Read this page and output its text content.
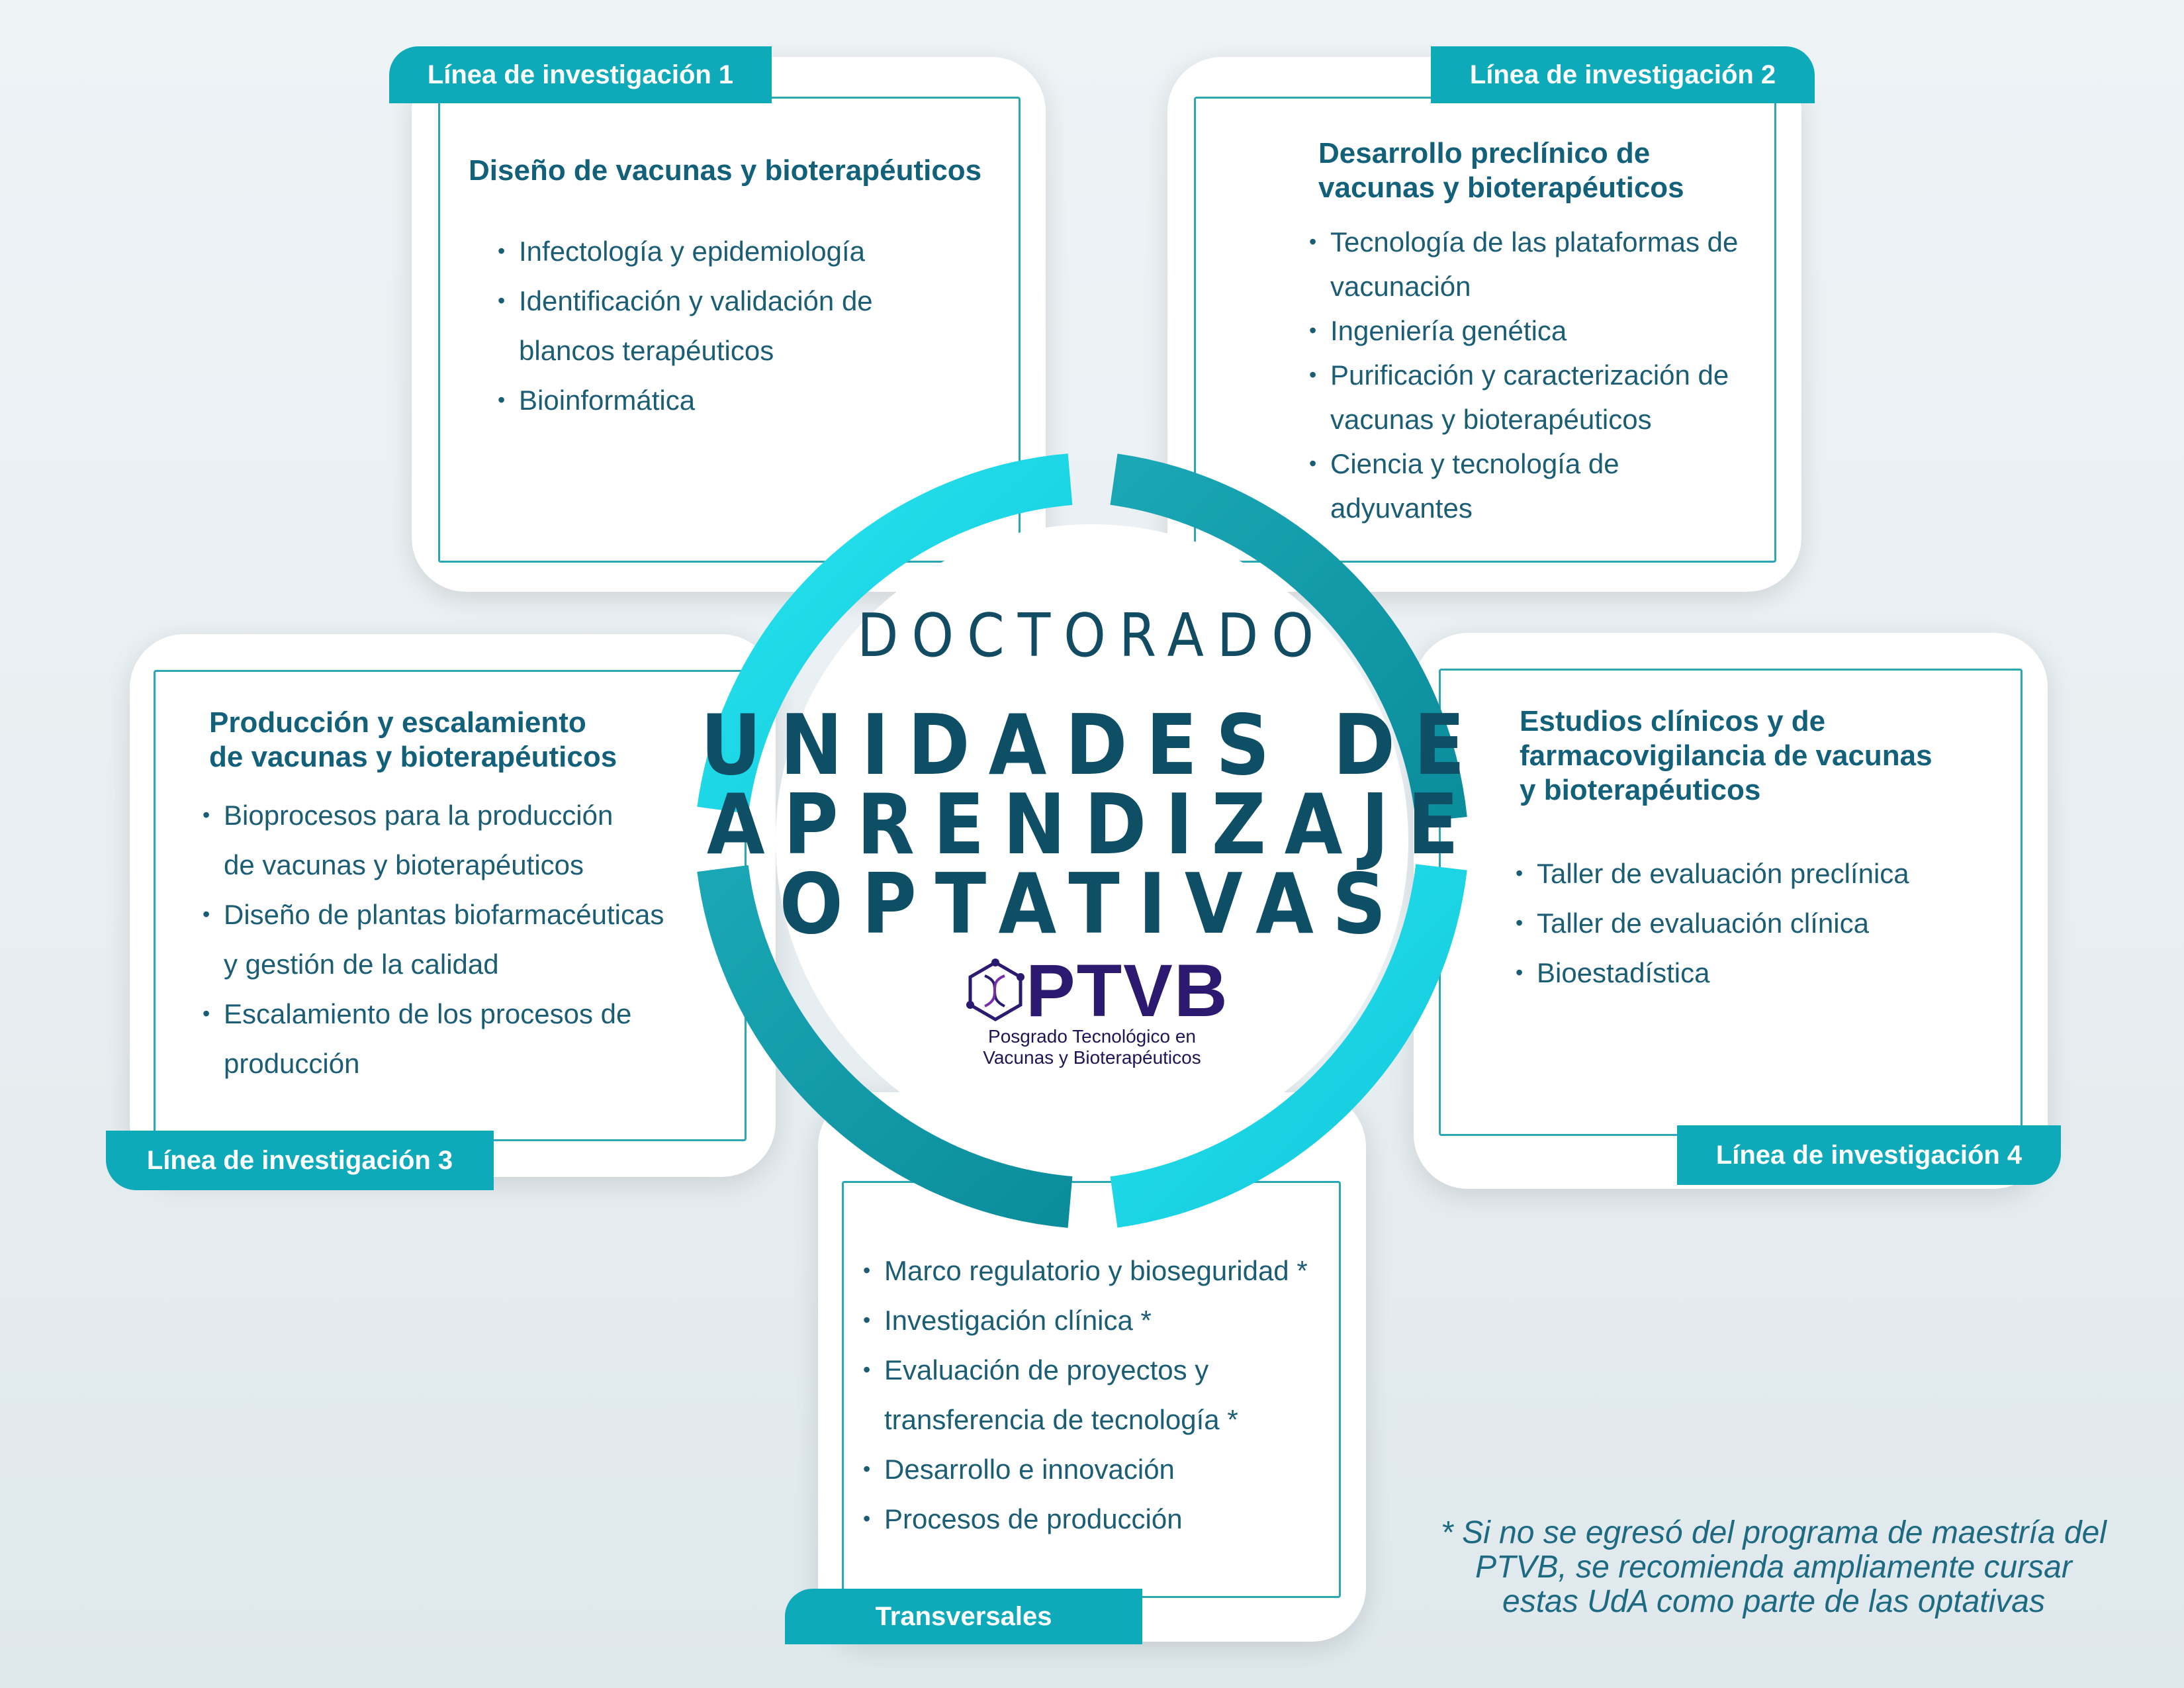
Línea de investigación 1
Diseño de vacunas y bioterapéuticos
• Infectología y epidemiología
• Identificación y validación de
blancos terapéuticos
• Bioinformática
Línea de investigación 2
Desarrollo preclínico de
vacunas y bioterapéuticos
• Tecnología de las plataformas de
vacunación
• Ingeniería genética
• Purificación y caracterización de
vacunas y bioterapéuticos
• Ciencia y tecnología de
adyuvantes
Línea de investigación 3
Producción y escalamiento
de vacunas y bioterapéuticos
• Bioprocesos para la producción
de vacunas y bioterapéuticos
• Diseño de plantas biofarmacéuticas
y gestión de la calidad
• Escalamiento de los procesos de
producción
Línea de investigación 4
Estudios clínicos y de
farmacovigilancia de vacunas
y bioterapéuticos
• Taller de evaluación preclínica
• Taller de evaluación clínica
• Bioestadística
Transversales
• Marco regulatorio y bioseguridad *
• Investigación clínica *
• Evaluación de proyectos y
transferencia de tecnología *
• Desarrollo e innovación
• Procesos de producción
DOCTORADO
UNIDADES DE
APRENDIZAJE
OPTATIVAS
PTVB
Posgrado Tecnológico en
Vacunas y Bioterapéuticos
* Si no se egresó del programa de maestría del
PTVB, se recomienda ampliamente cursar
estas UdA como parte de las optativas
